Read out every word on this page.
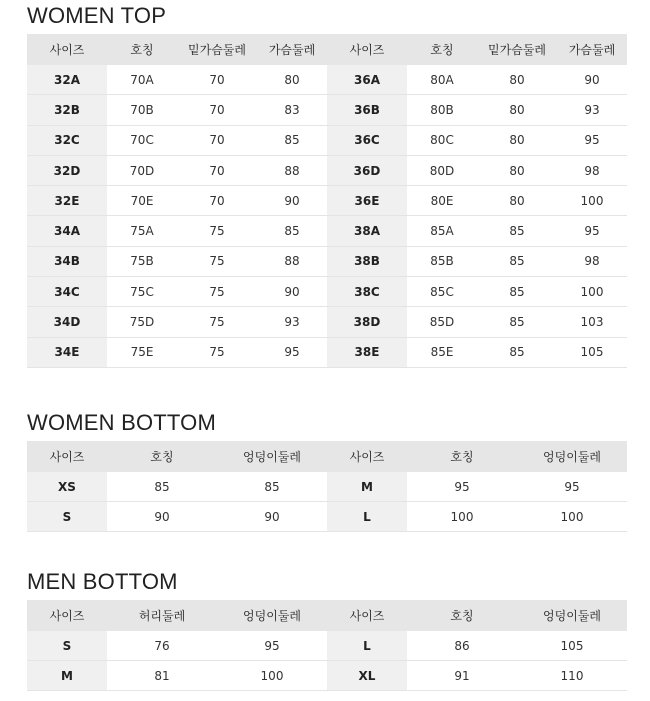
WOMEN TOP
사이즈	호칭	밑가슴둘레	가슴둘레	사이즈	호칭	밑가슴둘레	가슴둘레
32A	70A	70	80	36A	80A	80	90
32B	70B	70	83	36B	80B	80	93
32C	70C	70	85	36C	80C	80	95
32D	70D	70	88	36D	80D	80	98
32E	70E	70	90	36E	80E	80	100
34A	75A	75	85	38A	85A	85	95
34B	75B	75	88	38B	85B	85	98
34C	75C	75	90	38C	85C	85	100
34D	75D	75	93	38D	85D	85	103
34E	75E	75	95	38E	85E	85	105
WOMEN BOTTOM
사이즈	호칭	엉덩이둘레	사이즈	호칭	엉덩이둘레
XS	85	85	M	95	95
S	90	90	L	100	100
MEN BOTTOM
사이즈	허리둘레	엉덩이둘레	사이즈	호칭	엉덩이둘레
S	76	95	L	86	105
M	81	100	XL	91	110
